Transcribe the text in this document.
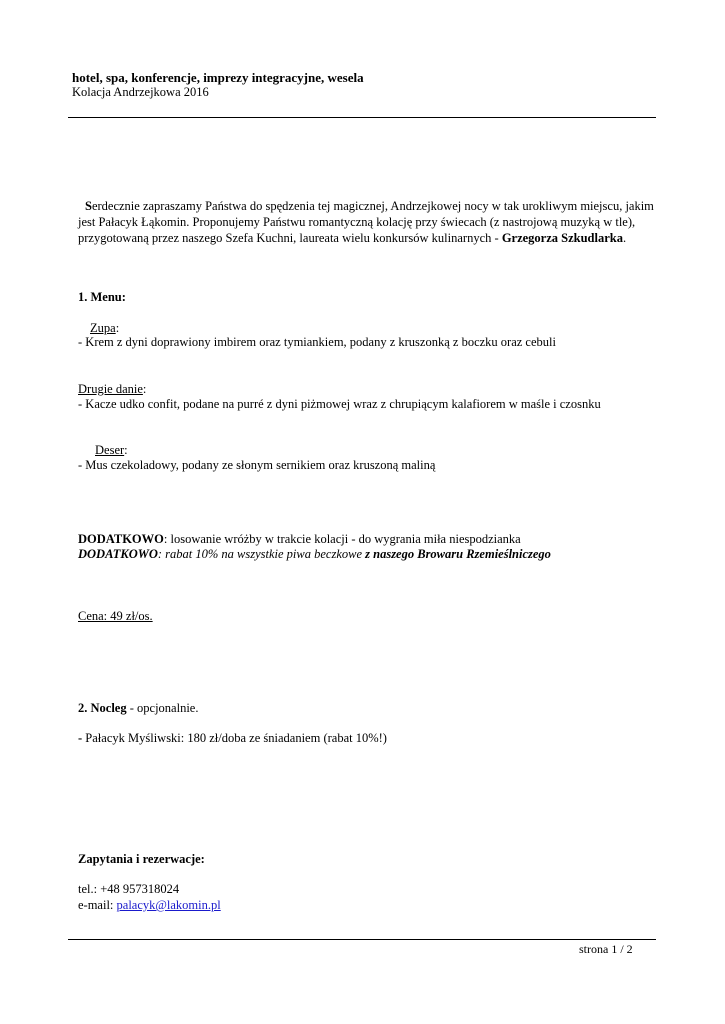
hotel, spa, konferencje, imprezy integracyjne, wesela
Kolacja Andrzejkowa 2016

Serdecznie zapraszamy Państwa do spędzenia tej magicznej, Andrzejkowej nocy w tak urokliwym miejscu, jakim jest Pałacyk Łąkomin. Proponujemy Państwu romantyczną kolację przy świecach (z nastrojową muzyką w tle), przygotowaną przez naszego Szefa Kuchni, laureata wielu konkursów kulinarnych - Grzegorza Szkudlarka.

1. Menu:
Zupa:
- Krem z dyni doprawiony imbirem oraz tymiankiem, podany z kruszonką z boczku oraz cebuli
Drugie danie:
- Kacze udko confit, podane na purré z dyni piżmowej wraz z chrupiącym kalafiorem w maśle i czosnku
Deser:
- Mus czekoladowy, podany ze słonym sernikiem oraz kruszoną maliną
DODATKOWO: losowanie wróżby w trakcie kolacji - do wygrania miła niespodzianka
DODATKOWO: rabat 10% na wszystkie piwa beczkowe z naszego Browaru Rzemieślniczego
Cena: 49 zł/os.
2. Nocleg - opcjonalnie.
- Pałacyk Myśliwski: 180 zł/doba ze śniadaniem (rabat 10%!)
Zapytania i rezerwacje:
tel.: +48 957318024
e-mail: palacyk@lakomin.pl
strona 1 / 2
